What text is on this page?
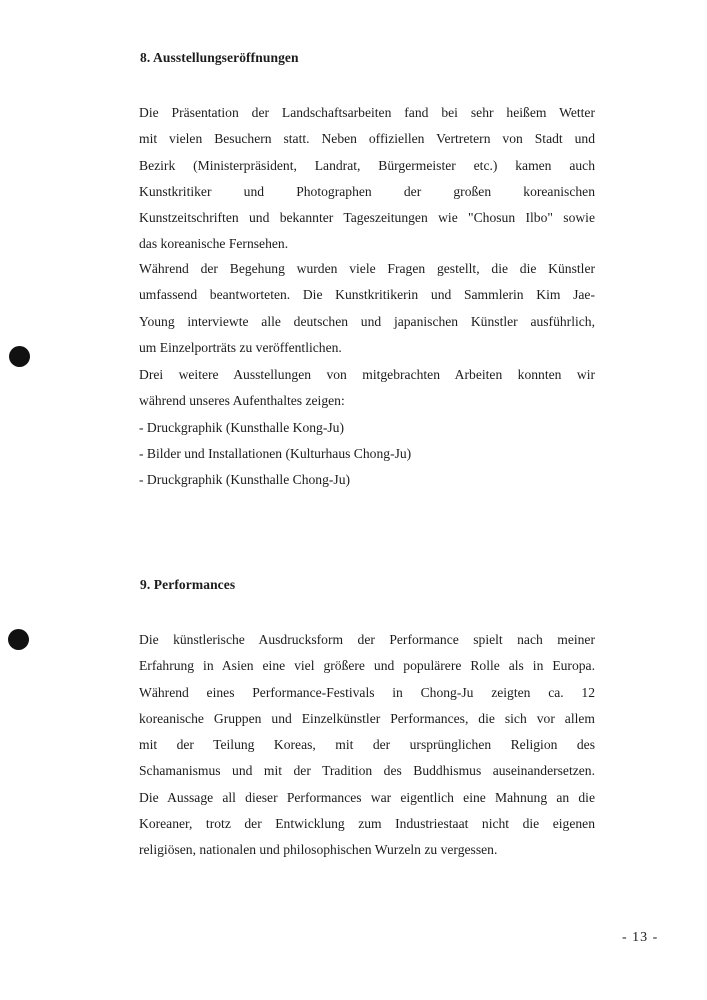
8. Ausstellungseröffnungen

Die Präsentation der Landschaftsarbeiten fand bei sehr heißem Wetter
mit vielen Besuchern statt. Neben offiziellen Vertretern von Stadt und
Bezirk (Ministerpräsident, Landrat, Bürgermeister etc.) kamen auch
Kunstkritiker und Photographen der großen koreanischen
Kunstzeitschriften und bekannter Tageszeitungen wie "Chosun Ilbo" sowie
das koreanische Fernsehen.

Während der Begehung wurden viele Fragen gestellt, die die Künstler
umfassend beantworteten. Die Kunstkritikerin und Sammlerin Kim Jae-
Young interviewte alle deutschen und japanischen Künstler ausführlich,
um Einzelporträts zu veröffentlichen.

Drei weitere Ausstellungen von mitgebrachten Arbeiten konnten wir
während unseres Aufenthaltes zeigen:
- Druckgraphik (Kunsthalle Kong-Ju)
- Bilder und Installationen (Kulturhaus Chong-Ju)
- Druckgraphik (Kunsthalle Chong-Ju)

9. Performances

Die künstlerische Ausdrucksform der Performance spielt nach meiner
Erfahrung in Asien eine viel größere und populärere Rolle als in Europa.
Während eines Performance-Festivals in Chong-Ju zeigten ca. 12
koreanische Gruppen und Einzelkünstler Performances, die sich vor allem
mit der Teilung Koreas, mit der ursprünglichen Religion des
Schamanismus und mit der Tradition des Buddhismus auseinandersetzen.
Die Aussage all dieser Performances war eigentlich eine Mahnung an die
Koreaner, trotz der Entwicklung zum Industriestaat nicht die eigenen
religiösen, nationalen und philosophischen Wurzeln zu vergessen.

- 13 -
